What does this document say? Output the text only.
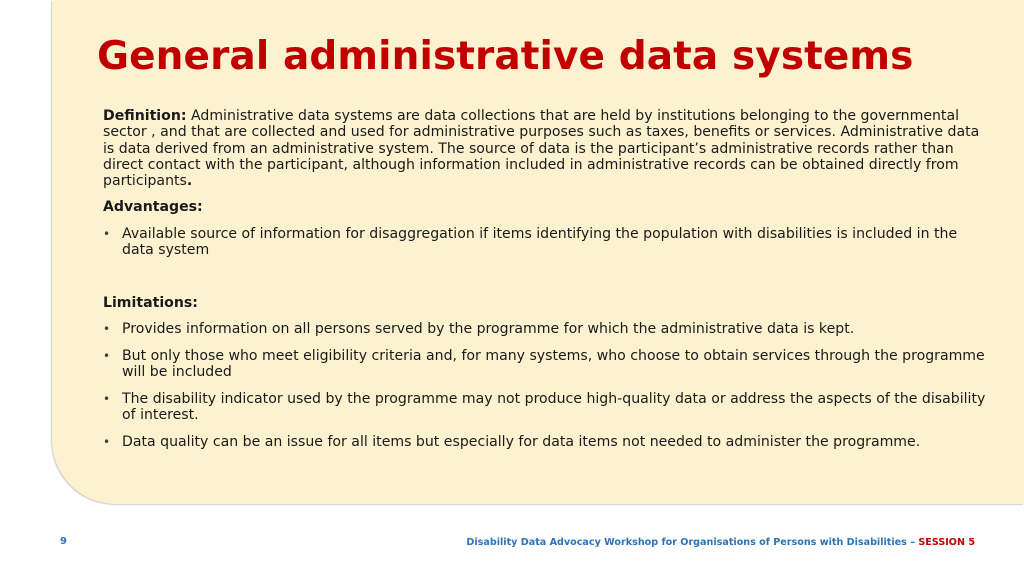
General administrative data systems

Definition: Administrative data systems are data collections that are held by institutions belonging to the governmental sector , and that are collected and used for administrative purposes such as taxes, benefits or services. Administrative data is data derived from an administrative system. The source of data is the participant’s administrative records rather than direct contact with the participant, although information included in administrative records can be obtained directly from participants.

Advantages:

• Available source of information for disaggregation if items identifying the population with disabilities is included in the data system

Limitations:

• Provides information on all persons served by the programme for which the administrative data is kept.
• But only those who meet eligibility criteria and, for many systems, who choose to obtain services through the programme will be included
• The disability indicator used by the programme may not produce high-quality data or address the aspects of the disability of interest.
• Data quality can be an issue for all items but especially for data items not needed to administer the programme.
9	Disability Data Advocacy Workshop for Organisations of Persons with Disabilities – SESSION 5
